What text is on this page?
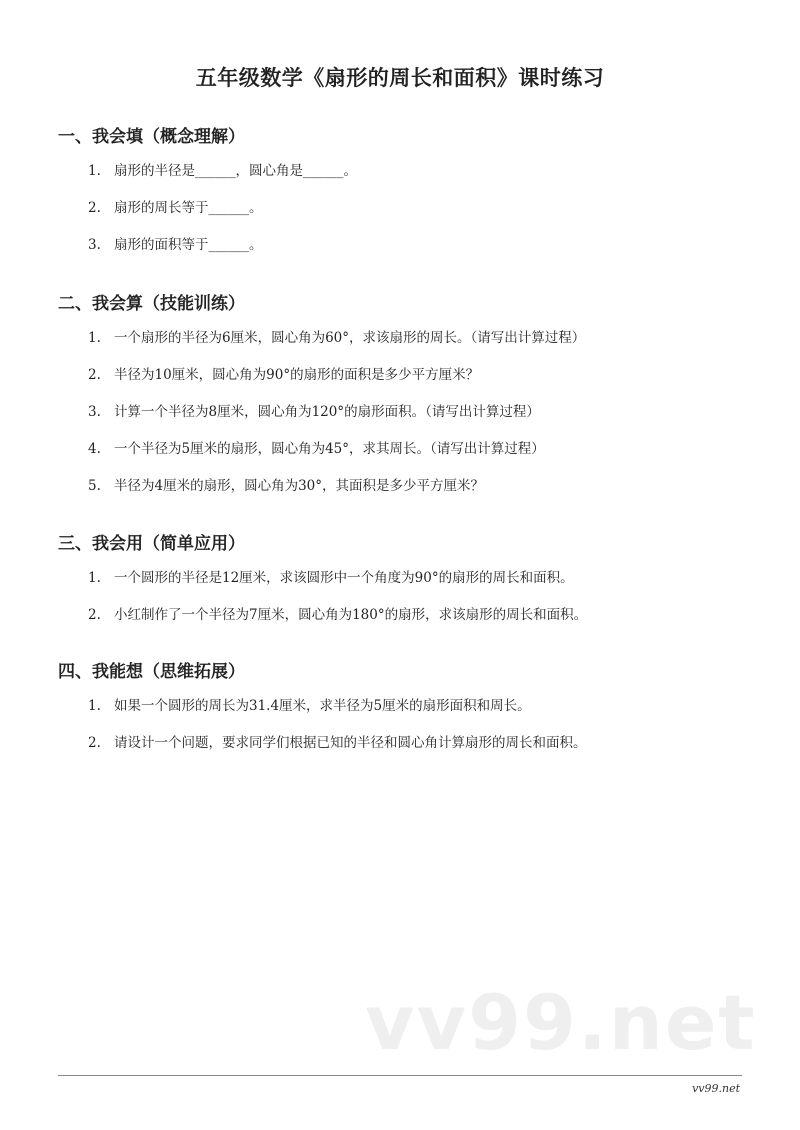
五年级数学《扇形的周长和面积》课时练习
一、我会填（概念理解）
1. 扇形的半径是______，圆心角是______。
2. 扇形的周长等于______。
3. 扇形的面积等于______。
二、我会算（技能训练）
1. 一个扇形的半径为6厘米，圆心角为60°，求该扇形的周长。（请写出计算过程）
2. 半径为10厘米，圆心角为90°的扇形的面积是多少平方厘米？
3. 计算一个半径为8厘米，圆心角为120°的扇形面积。（请写出计算过程）
4. 一个半径为5厘米的扇形，圆心角为45°，求其周长。（请写出计算过程）
5. 半径为4厘米的扇形，圆心角为30°，其面积是多少平方厘米？
三、我会用（简单应用）
1. 一个圆形的半径是12厘米，求该圆形中一个角度为90°的扇形的周长和面积。
2. 小红制作了一个半径为7厘米，圆心角为180°的扇形，求该扇形的周长和面积。
四、我能想（思维拓展）
1. 如果一个圆形的周长为31.4厘米，求半径为5厘米的扇形面积和周长。
2. 请设计一个问题，要求同学们根据已知的半径和圆心角计算扇形的周长和面积。
vv99.net
vv99.net
